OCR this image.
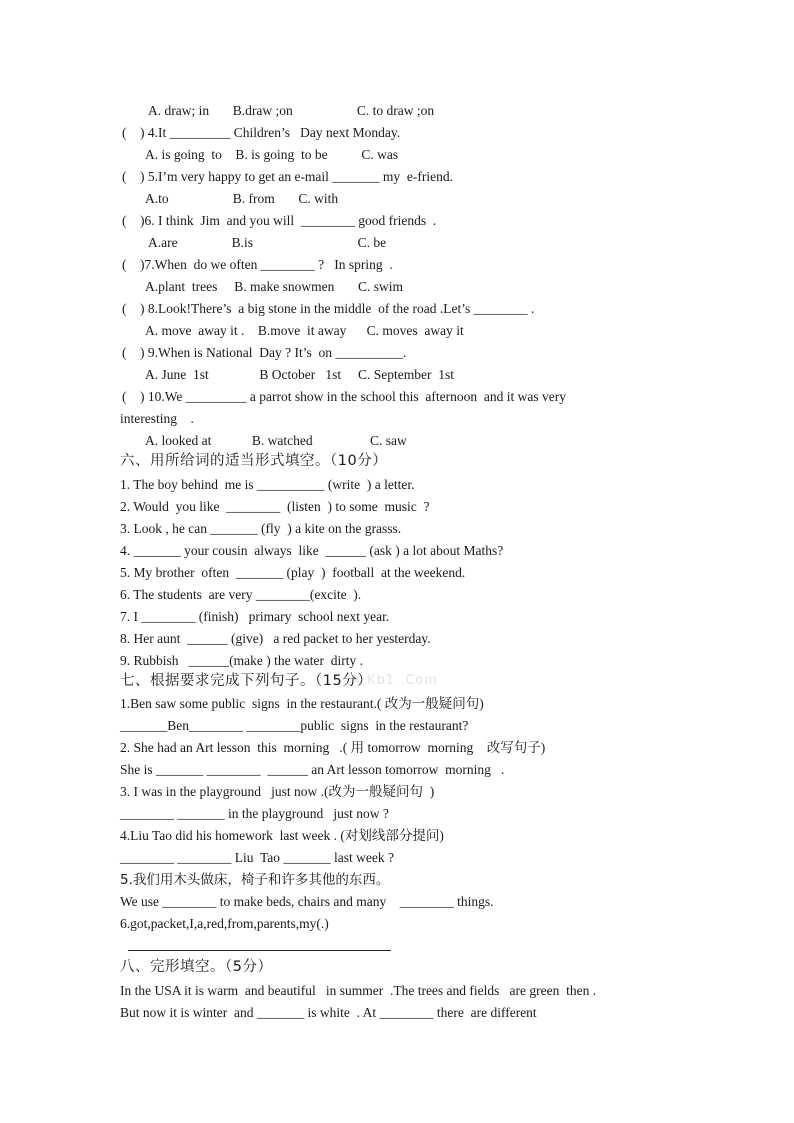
A. draw; in       B.draw ;on                   C. to draw ;on
(    ) 4.It _________ Children’s   Day next Monday.
A. is going  to    B. is going  to be          C. was
(    ) 5.I’m very happy to get an e-mail _______ my  e-friend.
A.to                   B. from       C. with
(    )6. I think  Jim  and you will  ________ good friends  .
A.are                B.is                               C. be
(    )7.When  do we often ________ ?   In spring  .
A.plant  trees     B. make snowmen       C. swim
(    ) 8.Look!There’s  a big stone in the middle  of the road .Let’s ________ .
A. move  away it .    B.move  it away      C. moves  away it
(    ) 9.When is National  Day ? It’s  on __________.
A. June  1st               B October   1st     C. September  1st
(    ) 10.We _________ a parrot show in the school this  afternoon  and it was very
interesting    .
A. looked at            B. watched                 C. saw
六、用所给词的适当形式填空。（10分）
1. The boy behind  me is __________ (write  ) a letter.
2. Would  you like  ________  (listen  ) to some  music  ?
3. Look , he can _______ (fly  ) a kite on the grasss.
4. _______ your cousin  always  like  ______ (ask ) a lot about Maths?
5. My brother  often  _______ (play  )  football  at the weekend.
6. The students  are very ________(excite  ).
7. I ________ (finish)   primary  school next year.
8. Her aunt  ______ (give)   a red packet to her yesterday.
9. Rubbish   ______(make ) the water  dirty .
X Kb1 .Com
七、根据要求完成下列句子。（15分）
1.Ben saw some public  signs  in the restaurant.( 改为一般疑问句)
_______Ben________ ________public  signs  in the restaurant?
2. She had an Art lesson  this  morning   .( 用 tomorrow  morning    改写句子)
She is _______ ________  ______ an Art lesson tomorrow  morning   .
3. I was in the playground   just now .(改为一般疑问句  )
________ _______ in the playground   just now ?
4.Liu Tao did his homework  last week . (对划线部分提问)
________ ________ Liu  Tao _______ last week ?
5.我们用木头做床，椅子和许多其他的东西。
We use ________ to make beds, chairs and many    ________ things.
6.got,packet,I,a,red,from,parents,my(.)
八、完形填空。（5分）
In the USA it is warm  and beautiful   in summer  .The trees and fields   are green  then .
But now it is winter  and _______ is white  . At ________ there  are different
